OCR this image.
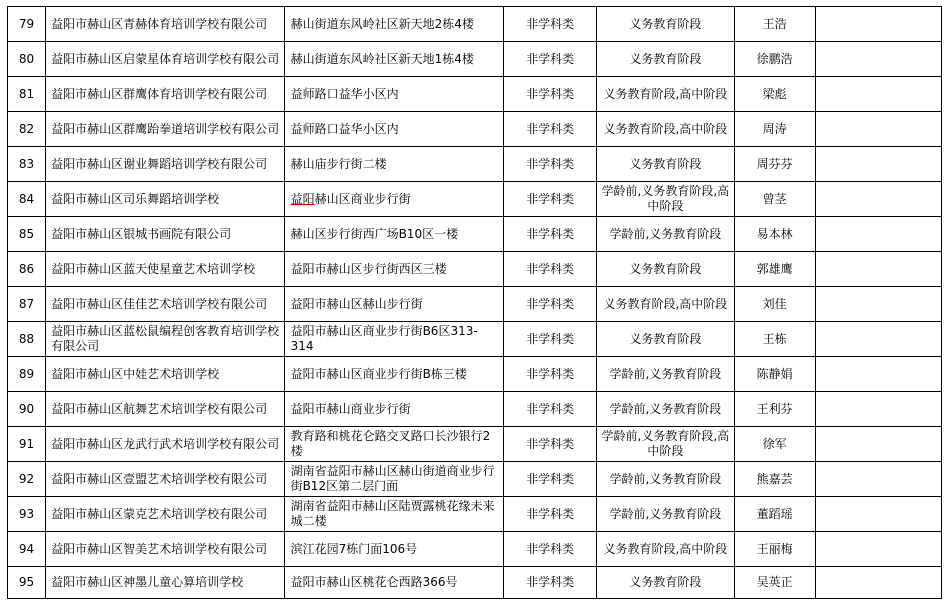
79	益阳市赫山区青赫体育培训学校有限公司	赫山街道东风岭社区新天地2栋4楼	非学科类	义务教育阶段	王浩	
80	益阳市赫山区启蒙星体育培训学校有限公司	赫山街道东风岭社区新天地1栋4楼	非学科类	义务教育阶段	徐鹏浩	
81	益阳市赫山区群鹰体育培训学校有限公司	益师路口益华小区内	非学科类	义务教育阶段,高中阶段	梁彪	
82	益阳市赫山区群鹰跆拳道培训学校有限公司	益师路口益华小区内	非学科类	义务教育阶段,高中阶段	周涛	
83	益阳市赫山区谢业舞蹈培训学校有限公司	赫山庙步行街二楼	非学科类	义务教育阶段	周芬芬	
84	益阳市赫山区司乐舞蹈培训学校	益阳赫山区商业步行街	非学科类	学龄前,义务教育阶段,高中阶段	曾茎	
85	益阳市赫山区银城书画院有限公司	赫山区步行街西广场B10区一楼	非学科类	学龄前,义务教育阶段	易本林	
86	益阳市赫山区蓝天使星童艺术培训学校	益阳市赫山区步行街西区三楼	非学科类	义务教育阶段	郭雄鹰	
87	益阳市赫山区佳佳艺术培训学校有限公司	益阳市赫山区赫山步行街	非学科类	义务教育阶段,高中阶段	刘佳	
88	益阳市赫山区蓝松鼠编程创客教育培训学校有限公司	益阳市赫山区商业步行街B6区313-314	非学科类	义务教育阶段	王栋	
89	益阳市赫山区中娃艺术培训学校	益阳市赫山区商业步行街B栋三楼	非学科类	学龄前,义务教育阶段	陈静娟	
90	益阳市赫山区航舞艺术培训学校有限公司	益阳市赫山商业步行街	非学科类	学龄前,义务教育阶段	王利芬	
91	益阳市赫山区龙武行武术培训学校有限公司	教育路和桃花仑路交叉路口长沙银行2楼	非学科类	学龄前,义务教育阶段,高中阶段	徐军	
92	益阳市赫山区壹盟艺术培训学校有限公司	湖南省益阳市赫山区赫山街道商业步行街B12区第二层门面	非学科类	学龄前,义务教育阶段	熊嘉芸	
93	益阳市赫山区蒙克艺术培训学校有限公司	湖南省益阳市赫山区陆贾露桃花缘未来城二楼	非学科类	学龄前,义务教育阶段	董蹈瑶	
94	益阳市赫山区智美艺术培训学校有限公司	滨江花园7栋门面106号	非学科类	义务教育阶段,高中阶段	王丽梅	
95	益阳市赫山区神墨儿童心算培训学校	益阳市赫山区桃花仑西路366号	非学科类	义务教育阶段	吴英正	
